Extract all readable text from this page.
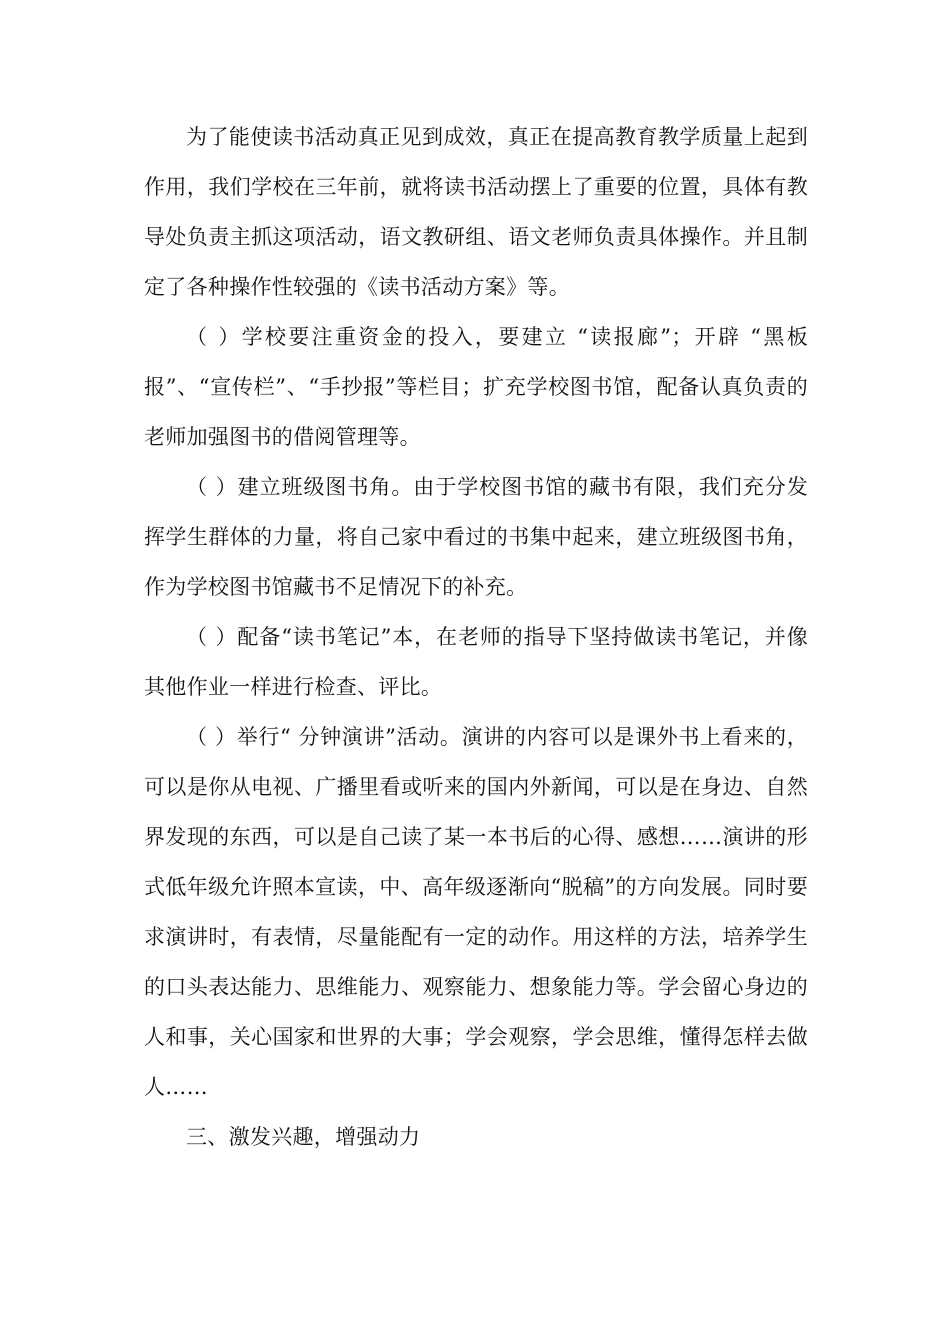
为了能使读书活动真正见到成效，真正在提高教育教学质量上起到作用，我们学校在三年前，就将读书活动摆上了重要的位置，具体有教导处负责主抓这项活动，语文教研组、语文老师负责具体操作。并且制定了各种操作性较强的《读书活动方案》等。

（ ）学校要注重资金的投入，要建立 “读报廊”；开辟 “黑板报”、“宣传栏”、“手抄报”等栏目；扩充学校图书馆，配备认真负责的老师加强图书的借阅管理等。

（ ）建立班级图书角。由于学校图书馆的藏书有限，我们充分发挥学生群体的力量，将自己家中看过的书集中起来，建立班级图书角，作为学校图书馆藏书不足情况下的补充。

（ ）配备“读书笔记”本，在老师的指导下坚持做读书笔记，并像其他作业一样进行检查、评比。

（ ）举行“ 分钟演讲”活动。演讲的内容可以是课外书上看来的，可以是你从电视、广播里看或听来的国内外新闻，可以是在身边、自然界发现的东西，可以是自己读了某一本书后的心得、感想……演讲的形式低年级允许照本宣读，中、高年级逐渐向“脱稿”的方向发展。同时要求演讲时，有表情，尽量能配有一定的动作。用这样的方法，培养学生的口头表达能力、思维能力、观察能力、想象能力等。学会留心身边的人和事，关心国家和世界的大事；学会观察，学会思维，懂得怎样去做人……

三、激发兴趣，增强动力
